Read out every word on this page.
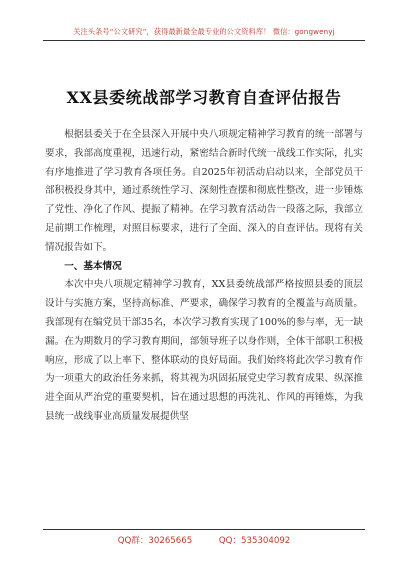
关注头条号“公文研究”，获得最新最全最专业的公文资料库！ 微信：gongwenyj
XX县委统战部学习教育自查评估报告

根据县委关于在全县深入开展中央八项规定精神学习教育的统一部署与要求，我部高度重视，迅速行动，紧密结合新时代统一战线工作实际，扎实有序地推进了学习教育各项任务。自2025年初活动启动以来，全部党员干部积极投身其中，通过系统性学习、深刻性查摆和彻底性整改，进一步锤炼了党性、净化了作风、提振了精神。在学习教育活动告一段落之际，我部立足前期工作梳理，对照目标要求，进行了全面、深入的自查评估。现将有关情况报告如下。

一、基本情况

本次中央八项规定精神学习教育，XX县委统战部严格按照县委的顶层设计与实施方案，坚持高标准、严要求，确保学习教育的全覆盖与高质量。我部现有在编党员干部35名，本次学习教育实现了100%的参与率，无一缺漏。在为期数月的学习教育期间，部领导班子以身作则，全体干部职工积极响应，形成了以上率下、整体联动的良好局面。我们始终将此次学习教育作为一项重大的政治任务来抓，将其视为巩固拓展党史学习教育成果、纵深推进全面从严治党的重要契机，旨在通过思想的再洗礼、作风的再锤炼，为我县统一战线事业高质量发展提供坚

QQ群：30265665	QQ：535304092
